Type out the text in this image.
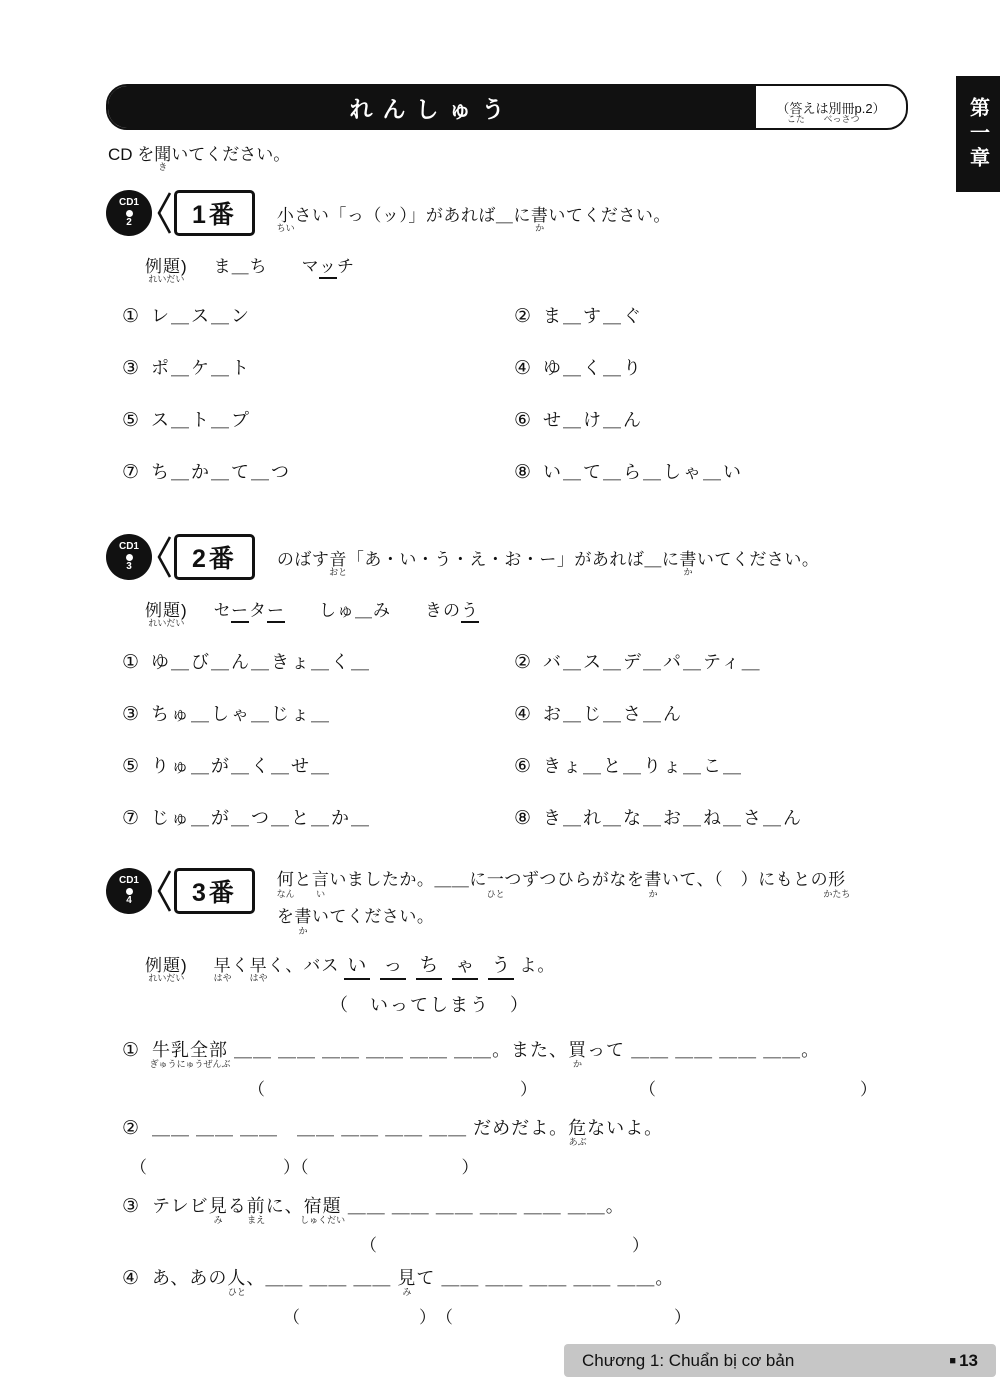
れんしゅう	（ 答
こた
えは 別冊
べっさつ
p.2）	第一章
CD を聞
き
いてください。
CD1
2	1番	小
ちい
さい「っ（ッ）」があれば＿に書
か
いてください。
例題)
れいだい
ま＿ち マッチ
① レ＿ス＿ン	② ま＿す＿ぐ
③ ポ＿ケ＿ト	④ ゆ＿く＿り
⑤ ス＿ト＿プ	⑥ せ＿け＿ん
⑦ ち＿か＿て＿つ	⑧ い＿て＿ら＿しゃ＿い
CD1
3	2番	のばす音
おと
「あ・い・う・え・お・ー」があれば＿に書
か
いてください。
例題)
れいだい
セーター しゅ＿み きのう
① ゆ＿び＿ん＿きょ＿く＿	② バ＿ス＿デ＿パ＿ティ＿
③ ちゅ＿しゃ＿じょ＿	④ お＿じ＿さ＿ん
⑤ りゅ＿が＿く＿せ＿	⑥ きょ＿と＿りょ＿こ＿
⑦ じゅ＿が＿つ＿と＿か＿	⑧ き＿れ＿な＿お＿ね＿さ＿ん
CD1
4	3番	何
なん
と言
い
いましたか。＿＿に一
ひと
つずつひらがなを書
か
いて、（　）にもとの形
かたち
を書
か
いてください。
例題)
れいだい
早
はや
く早
はや
く、バス い っ ち ゃ う よ。
（　いってしまう　）
① 牛乳全部
ぎゅうにゅうぜんぶ
＿＿ ＿＿ ＿＿ ＿＿ ＿＿ ＿＿。また、買
か
って ＿＿ ＿＿ ＿＿ ＿＿。
（　　　　　　　　　　　　　　　）　　　　　　　（　　　　　　　　　　　　）
② ＿＿ ＿＿ ＿＿　＿＿ ＿＿ ＿＿ ＿＿ だめだよ。危
あぶ
ないよ。
（　　　　　　　　）（　　　　　　　　　）
③ テレビ見
み
る前
まえ
に、宿題
しゅくだい
＿＿ ＿＿ ＿＿ ＿＿ ＿＿ ＿＿。
（　　　　　　　　　　　　　　　）
④ あ、あの人
ひと
、＿＿ ＿＿ ＿＿ 見
み
て ＿＿ ＿＿ ＿＿ ＿＿ ＿＿。
（　　　　　　　）　（　　　　　　　　　　　　　）
Chương 1: Chuẩn bị cơ bản	■ 13
